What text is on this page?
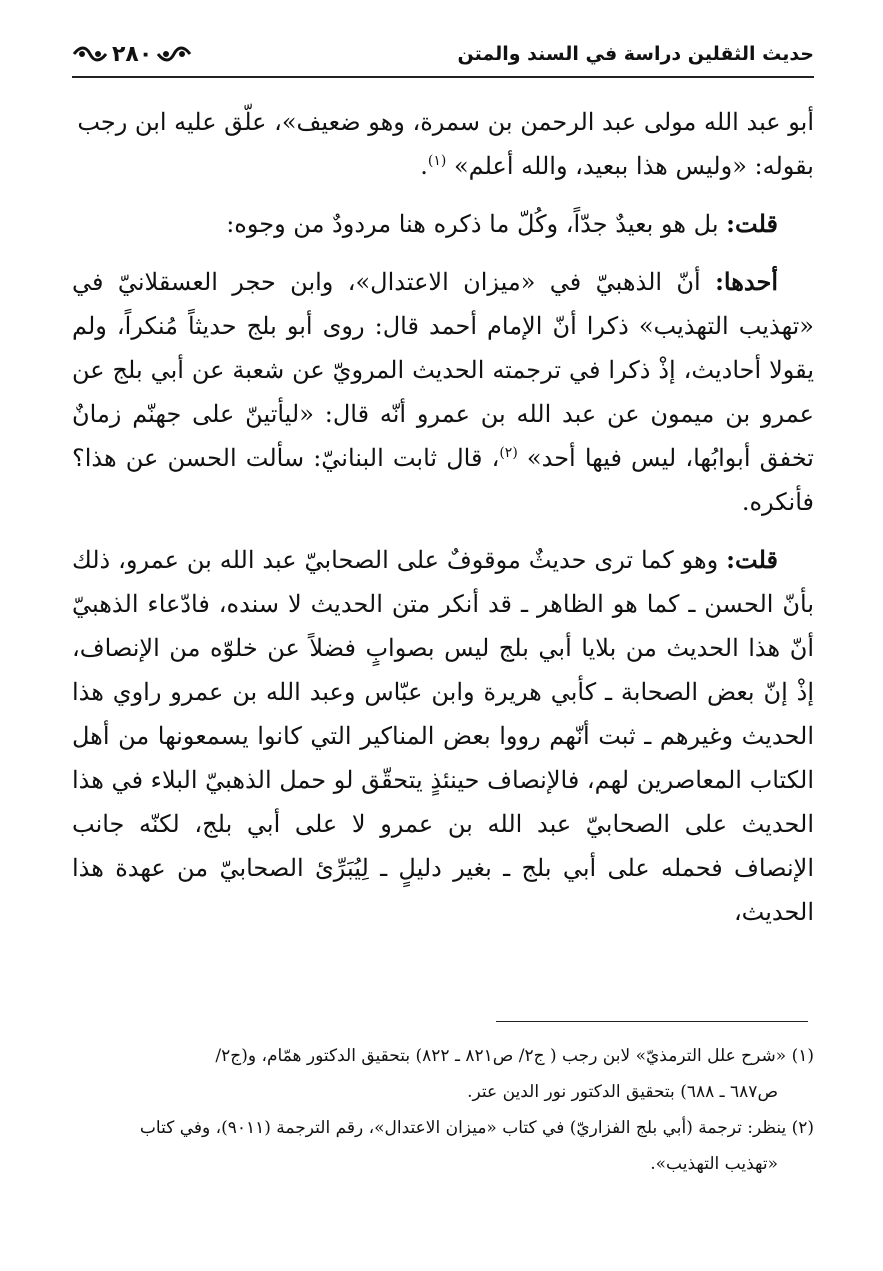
حديث الثقلين دراسة في السند والمتن
٢٨٠

أبو عبد الله مولى عبد الرحمن بن سمرة، وهو ضعيف»، علّق عليه ابن رجب
بقوله: «وليس هذا ببعيد، والله أعلم» $^{(١)}$.

قلت: بل هو بعيدٌ جدّاً، وكُلّ ما ذكره هنا مردودٌ من وجوه:

أحدها: أنّ الذهبيّ في «ميزان الاعتدال»، وابن حجر العسقلانيّ في «تهذيب التهذيب» ذكرا أنّ الإمام أحمد قال: روى أبو بلج حديثاً مُنكراً، ولم يقولا أحاديث، إذْ ذكرا في ترجمته الحديث المرويّ عن شعبة عن أبي بلج عن عمرو بن ميمون عن عبد الله بن عمرو أنّه قال: «ليأتينّ على جهنّم زمانٌ تخفق أبوابُها، ليس فيها أحد» $^{(٢)}$، قال ثابت البنانيّ: سألت الحسن عن هذا؟ فأنكره.

قلت: وهو كما ترى حديثٌ موقوفٌ على الصحابيّ عبد الله بن عمرو، ذلك بأنّ الحسن ـ كما هو الظاهر ـ قد أنكر متن الحديث لا سنده، فادّعاء الذهبيّ أنّ هذا الحديث من بلايا أبي بلج ليس بصوابٍ فضلاً عن خلوّه من الإنصاف، إذْ إنّ بعض الصحابة ـ كأبي هريرة وابن عبّاس وعبد الله بن عمرو راوي هذا الحديث وغيرهم ـ ثبت أنّهم رووا بعض المناكير التي كانوا يسمعونها من أهل الكتاب المعاصرين لهم، فالإنصاف حينئذٍ يتحقّق لو حمل الذهبيّ البلاء في هذا الحديث على الصحابيّ عبد الله بن عمرو لا على أبي بلج، لكنّه جانب الإنصاف فحمله على أبي بلج ـ بغير دليلٍ ـ لِيُبَرِّئ الصحابيّ من عهدة هذا الحديث،

(١) «شرح علل الترمذيّ» لابن رجب ( ج٢/ ص٨٢١ ـ ٨٢٢) بتحقيق الدكتور همّام، و(ج٢/

ص٦٨٧ ـ ٦٨٨) بتحقيق الدكتور نور الدين عتر.

(٢) ينظر: ترجمة (أبي بلج الفزاريّ) في كتاب «ميزان الاعتدال»، رقم الترجمة (٩٠١١)، وفي كتاب

«تهذيب التهذيب».
